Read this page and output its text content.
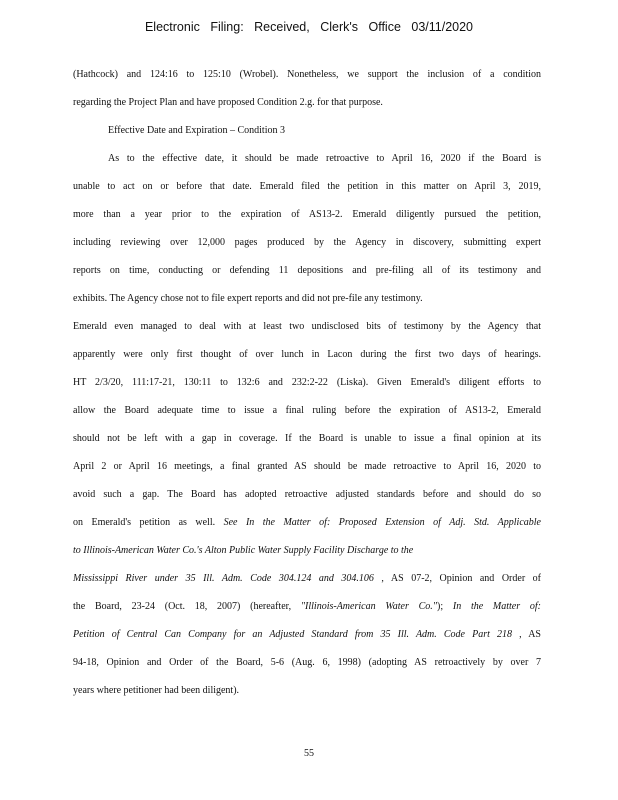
Electronic Filing: Received, Clerk's Office 03/11/2020
(Hathcock) and 124:16 to 125:10 (Wrobel). Nonetheless, we support the inclusion of a condition
regarding the Project Plan and have proposed Condition 2.g. for that purpose.
Effective Date and Expiration – Condition 3
As to the effective date, it should be made retroactive to April 16, 2020 if the Board is
unable to act on or before that date. Emerald filed the petition in this matter on April 3, 2019,
more than a year prior to the expiration of AS13-2. Emerald diligently pursued the petition,
including reviewing over 12,000 pages produced by the Agency in discovery, submitting expert
reports on time, conducting or defending 11 depositions and pre-filing all of its testimony and
exhibits. The Agency chose not to file expert reports and did not pre-file any testimony.
Emerald even managed to deal with at least two undisclosed bits of testimony by the Agency that
apparently were only first thought of over lunch in Lacon during the first two days of hearings.
HT 2/3/20, 111:17-21, 130:11 to 132:6 and 232:2-22 (Liska). Given Emerald's diligent efforts to
allow the Board adequate time to issue a final ruling before the expiration of AS13-2, Emerald
should not be left with a gap in coverage. If the Board is unable to issue a final opinion at its
April 2 or April 16 meetings, a final granted AS should be made retroactive to April 16, 2020 to
avoid such a gap. The Board has adopted retroactive adjusted standards before and should do so
on Emerald's petition as well. See In the Matter of: Proposed Extension of Adj. Std. Applicable
to Illinois-American Water Co.'s Alton Public Water Supply Facility Discharge to the
Mississippi River under 35 Ill. Adm. Code 304.124 and 304.106 , AS 07-2, Opinion and Order of
the Board, 23-24 (Oct. 18, 2007) (hereafter, "Illinois-American Water Co."); In the Matter of:
Petition of Central Can Company for an Adjusted Standard from 35 Ill. Adm. Code Part 218 , AS
94-18, Opinion and Order of the Board, 5-6 (Aug. 6, 1998) (adopting AS retroactively by over 7
years where petitioner had been diligent).
55
